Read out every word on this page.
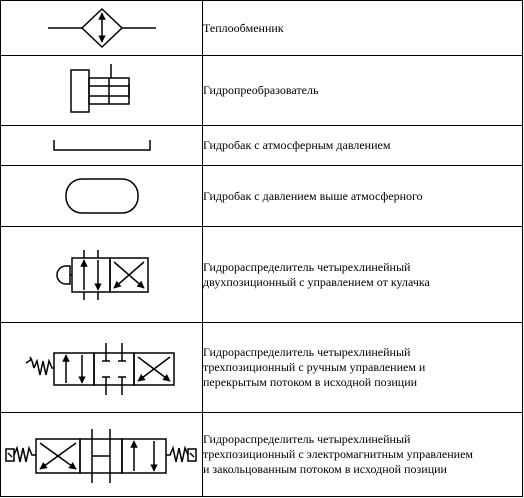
Теплообменник

Гидропреобразователь

Гидробак с атмосферным давлением

Гидробак с давлением выше атмосферного

Гидрораспределитель четырехлинейный
двухпозиционный с управлением от кулачка

Гидрораспределитель четырехлинейный
трехпозиционный с ручным управлением и
перекрытым потоком в исходной позиции

Гидрораспределитель четырехлинейный
трехпозиционный с электромагнитным управлением
и закольцованным потоком в исходной позиции
